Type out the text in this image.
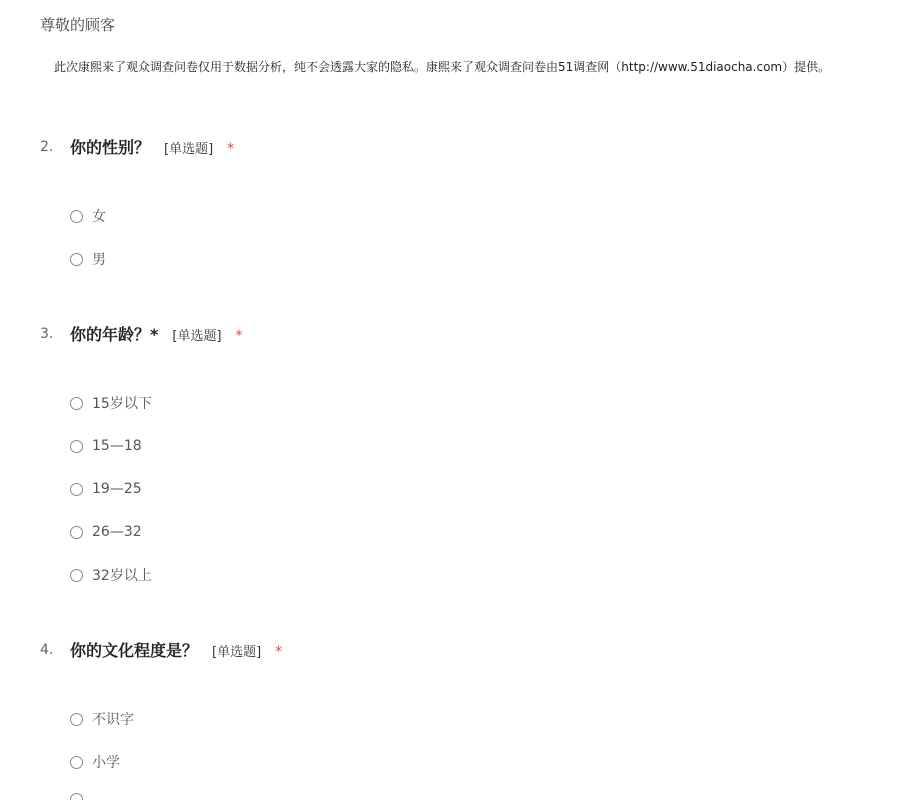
尊敬的顾客
此次康熙来了观众调查问卷仅用于数据分析，纯不会透露大家的隐私。康熙来了观众调查问卷由51调查网（http://www.51diaocha.com）提供。
2. 你的性别？ [单选题] *
女
男
3. 你的年龄？* [单选题] *
15岁以下
15—18
19—25
26—32
32岁以上
4. 你的文化程度是？ [单选题] *
不识字
小学
